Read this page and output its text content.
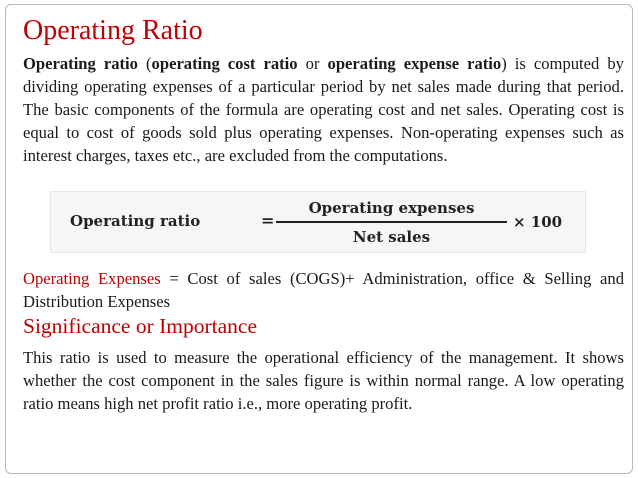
Operating Ratio

Operating ratio (operating cost ratio or operating expense ratio) is computed by dividing operating expenses of a particular period by net sales made during that period. The basic components of the formula are operating cost and net sales. Operating cost is equal to cost of goods sold plus operating expenses. Non-operating expenses such as interest charges, taxes etc., are excluded from the computations.

Operating ratio	= $\frac{\text{Operating expenses}}{\text{Net sales}} \times 100$

Operating Expenses = Cost of sales (COGS)+ Administration, office & Selling and Distribution Expenses

Significance or Importance

This ratio is used to measure the operational efficiency of the management. It shows whether the cost component in the sales figure is within normal range. A low operating ratio means high net profit ratio i.e., more operating profit.
